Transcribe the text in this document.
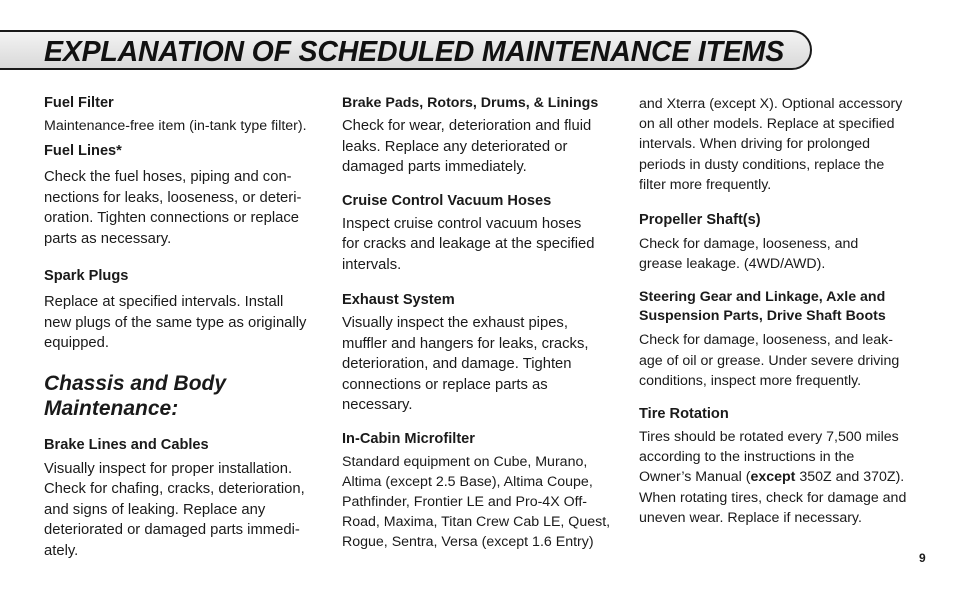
EXPLANATION OF SCHEDULED MAINTENANCE ITEMS
Fuel Filter
Maintenance-free item (in-tank type filter).
Fuel Lines*
Check the fuel hoses, piping and con-
nections for leaks, looseness, or deteri-
oration. Tighten connections or replace
parts as necessary.
Spark Plugs
Replace at specified intervals. Install
new plugs of the same type as originally
equipped.
Chassis and Body
Maintenance:
Brake Lines and Cables
Visually inspect for proper installation.
Check for chafing, cracks, deterioration,
and signs of leaking. Replace any
deteriorated or damaged parts immedi-
ately.
Brake Pads, Rotors, Drums, & Linings
Check for wear, deterioration and fluid
leaks. Replace any deteriorated or
damaged parts immediately.
Cruise Control Vacuum Hoses
Inspect cruise control vacuum hoses
for cracks and leakage at the specified
intervals.
Exhaust System
Visually inspect the exhaust pipes,
muffler and hangers for leaks, cracks,
deterioration, and damage. Tighten
connections or replace parts as
necessary.
In-Cabin Microfilter
Standard equipment on Cube, Murano,
Altima (except 2.5 Base), Altima Coupe,
Pathfinder, Frontier LE and Pro-4X Off-
Road, Maxima, Titan Crew Cab LE, Quest,
Rogue, Sentra, Versa (except 1.6 Entry)
and Xterra (except X). Optional accessory
on all other models. Replace at specified
intervals. When driving for prolonged
periods in dusty conditions, replace the
filter more frequently.
Propeller Shaft(s)
Check for damage, looseness, and
grease leakage. (4WD/AWD).
Steering Gear and Linkage, Axle and
Suspension Parts, Drive Shaft Boots
Check for damage, looseness, and leak-
age of oil or grease. Under severe driving
conditions, inspect more frequently.
Tire Rotation
Tires should be rotated every 7,500 miles
according to the instructions in the
Owner’s Manual (except 350Z and 370Z).
When rotating tires, check for damage and
uneven wear. Replace if necessary.
9
